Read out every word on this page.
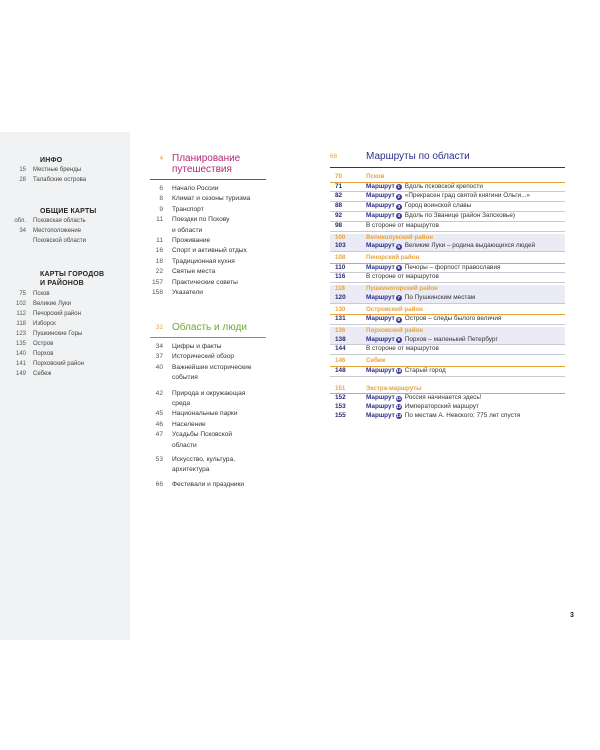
ИНФО
15	Местные бренды
28	Талабские острова
ОБЩИЕ КАРТЫ
обл.	Псковская область
34	Местоположение
Псковской области
КАРТЫ ГОРОДОВ
И РАЙОНОВ
75	Псков
102	Великие Луки
112	Печорский район
118	Изборск
123	Пушкинские Горы
135	Остров
140	Порхов
141	Порховский район
149	Себеж
4 Планирование
путешествия
6	Начало России
8	Климат и сезоны туризма
9	Транспорт
11	Поездки по Пскову
и области
11	Проживание
16	Спорт и активный отдых
18	Традиционная кухня
22	Святые места
157	Практические советы
158	Указатели
32 Область и люди
34	Цифры и факты
37	Исторический обзор
40	Важнейшие исторические
события
42	Природа и окружающая
среда
45	Национальные парки
46	Население
47	Усадьбы Псковской
области
53	Искусство, культура,
архитектура
66	Фестивали и праздники
68	Маршруты по области
70	Псков
71	Маршрут 1 Вдоль псковской крепости
82	Маршрут 2 «Прекрасен град святой княгини Ольги...»
88	Маршрут 3 Город воинской славы
92	Маршрут 4 Вдоль по Званице (район Запсковье)
98	В стороне от маршрутов
100	Великолукский район
103	Маршрут 5 Великие Луки – родина выдающихся людей
108	Печорский район
110	Маршрут 6 Печоры – форпост православия
116	В стороне от маршрутов
118	Пушкиногорский район
120	Маршрут 7 По Пушкинским местам
130	Островский район
131	Маршрут 8 Остров – следы былого величия
136	Порховский район
138	Маршрут 9 Порхов – маленький Петербург
144	В стороне от маршрутов
146	Себеж
148	Маршрут 10 Старый город
151	Экстра-маршруты
152	Маршрут 11 Россия начинается здесь!
153	Маршрут 12 Императорский маршрут
155	Маршрут 13 По местам А. Невского: 775 лет спустя
3
